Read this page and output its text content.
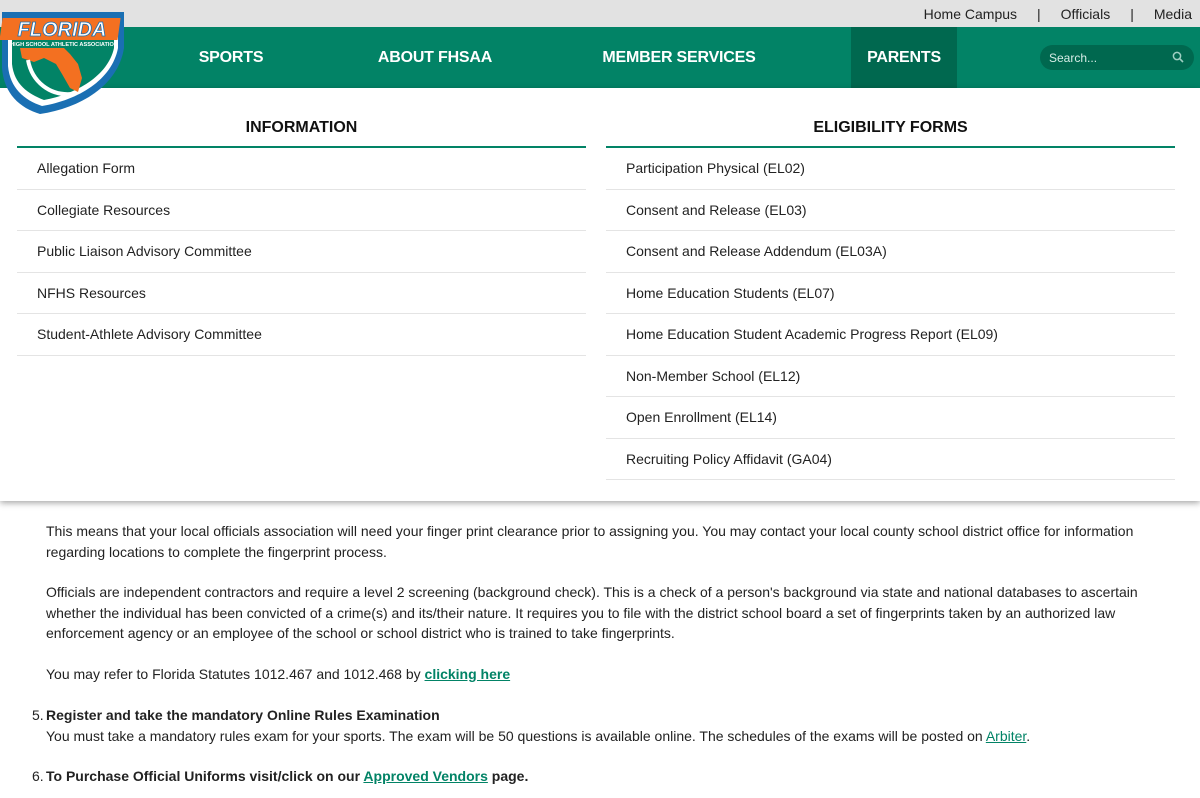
Home Campus | Officials | Media
FLORIDA
HIGH SCHOOL ATHLETIC ASSOCIATION
SPORTS	ABOUT FHSAA	MEMBER SERVICES	PARENTS
Search...

This means that your local officials association will need your finger print clearance prior to assigning you. You may contact your local county school district office for information regarding locations to complete the fingerprint process.

Officials are independent contractors and require a level 2 screening (background check). This is a check of a person's background via state and national databases to ascertain whether the individual has been convicted of a crime(s) and its/their nature. It requires you to file with the district school board a set of fingerprints taken by an authorized law enforcement agency or an employee of the school or school district who is trained to take fingerprints.

You may refer to Florida Statutes 1012.467 and 1012.468 by clicking here

5. Register and take the mandatory Online Rules Examination
You must take a mandatory rules exam for your sports. The exam will be 50 questions is available online. The schedules of the exams will be posted on Arbiter.
6. To Purchase Official Uniforms visit/click on our Approved Vendors page.
INFORMATION
Allegation Form
Collegiate Resources
Public Liaison Advisory Committee
NFHS Resources
Student-Athlete Advisory Committee
ELIGIBILITY FORMS
Participation Physical (EL02)
Consent and Release (EL03)
Consent and Release Addendum (EL03A)
Home Education Students (EL07)
Home Education Student Academic Progress Report (EL09)
Non-Member School (EL12)
Open Enrollment (EL14)
Recruiting Policy Affidavit (GA04)
